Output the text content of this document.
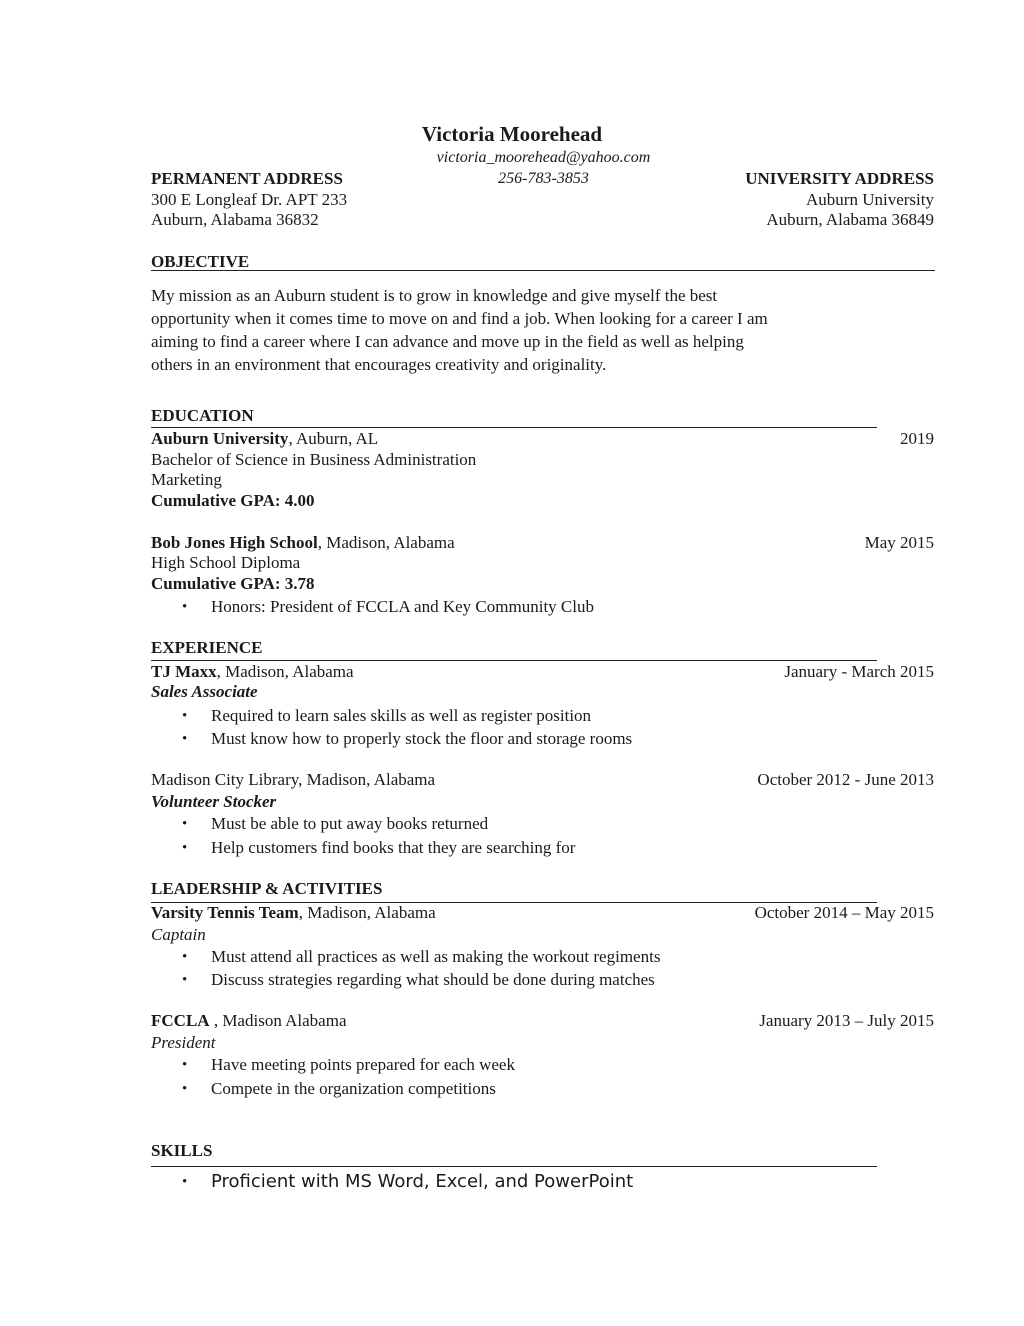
Victoria Moorehead
victoria_moorehead@yahoo.com
256-783-3853
PERMANENT ADDRESS
300 E Longleaf Dr. APT 233
Auburn, Alabama 36832
UNIVERSITY ADDRESS
Auburn University
Auburn, Alabama 36849
OBJECTIVE
My mission as an Auburn student is to grow in knowledge and give myself the best
opportunity when it comes time to move on and find a job. When looking for a career I am
aiming to find a career where I can advance and move up in the field as well as helping
others in an environment that encourages creativity and originality.
EDUCATION
Auburn University, Auburn, AL	2019
Bachelor of Science in Business Administration
Marketing
Cumulative GPA: 4.00
Bob Jones High School, Madison, Alabama	May 2015
High School Diploma
Cumulative GPA: 3.78
• Honors: President of FCCLA and Key Community Club
EXPERIENCE
TJ Maxx, Madison, Alabama	January - March 2015
Sales Associate
• Required to learn sales skills as well as register position
• Must know how to properly stock the floor and storage rooms
Madison City Library, Madison, Alabama	October 2012 - June 2013
Volunteer Stocker
• Must be able to put away books returned
• Help customers find books that they are searching for
LEADERSHIP & ACTIVITIES
Varsity Tennis Team, Madison, Alabama	October 2014 – May 2015
Captain
• Must attend all practices as well as making the workout regiments
• Discuss strategies regarding what should be done during matches
FCCLA , Madison Alabama	January 2013 – July 2015
President
• Have meeting points prepared for each week
• Compete in the organization competitions
SKILLS
• Proficient with MS Word, Excel, and PowerPoint
